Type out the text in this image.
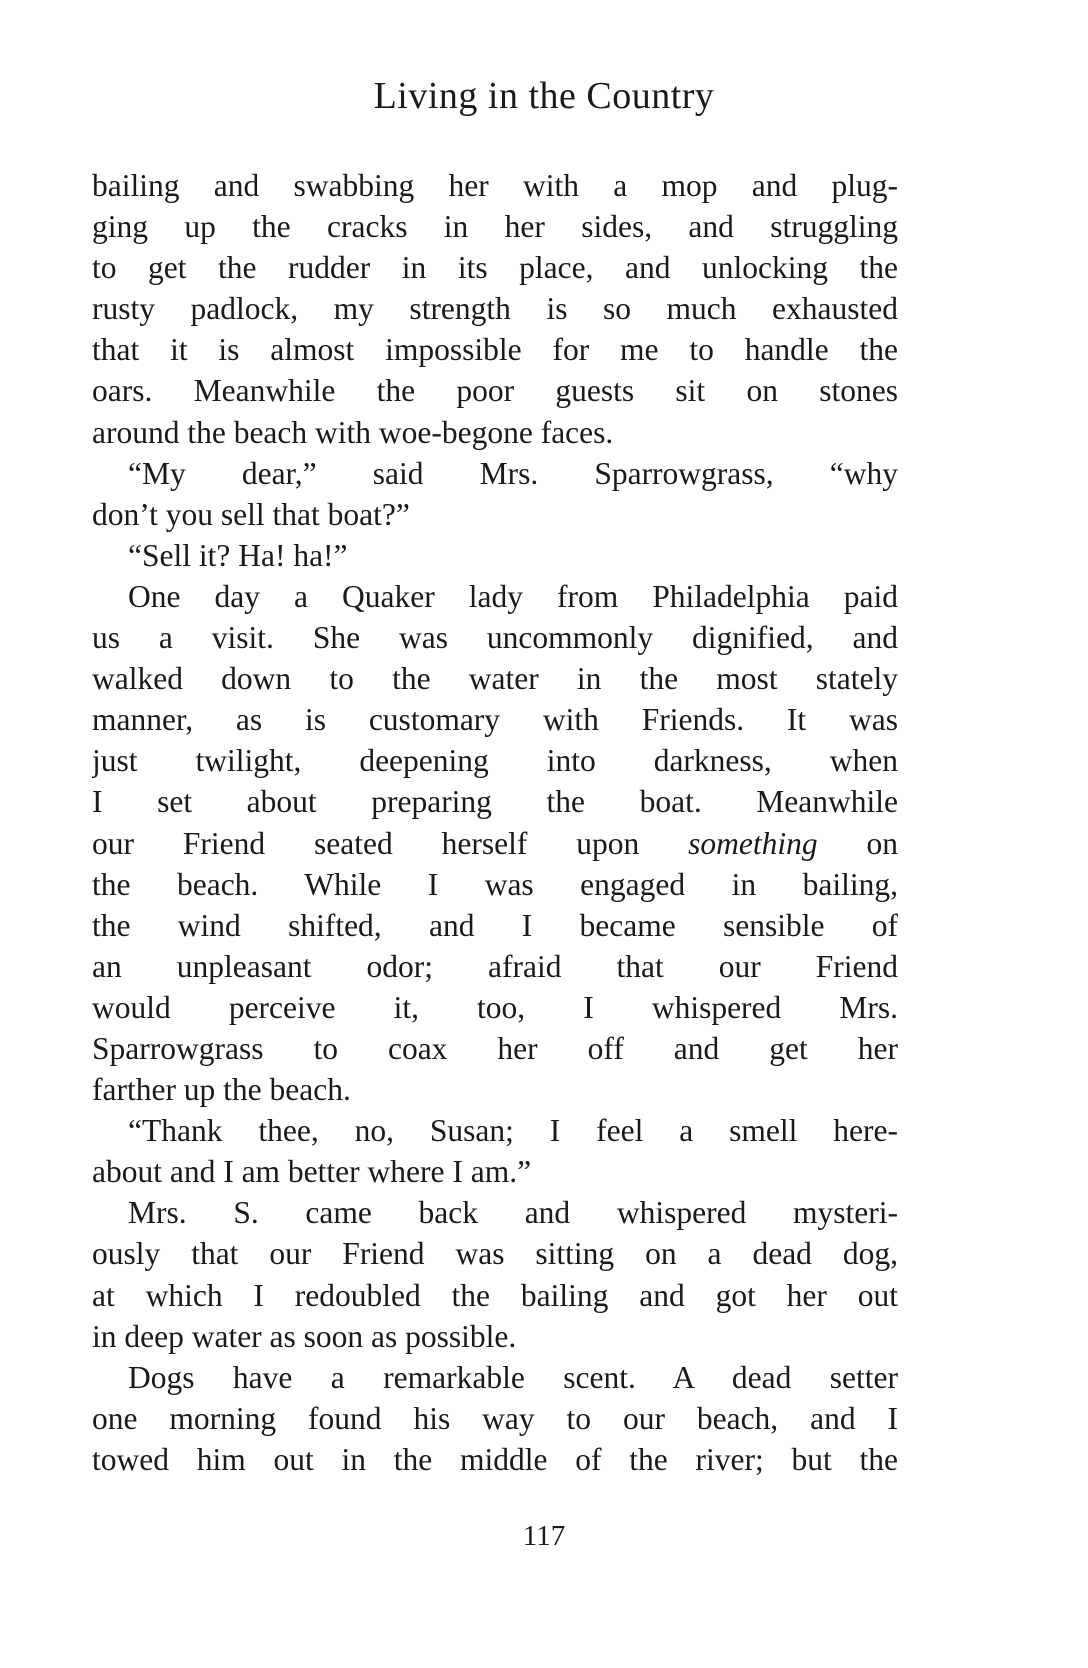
Living in the Country
bailing and swabbing her with a mop and plug-
ging up the cracks in her sides, and struggling
to get the rudder in its place, and unlocking the
rusty padlock, my strength is so much exhausted
that it is almost impossible for me to handle the
oars. Meanwhile the poor guests sit on stones
around the beach with woe-begone faces.
“My dear,” said Mrs. Sparrowgrass, “why
don’t you sell that boat?”
“Sell it? Ha! ha!”
One day a Quaker lady from Philadelphia paid
us a visit. She was uncommonly dignified, and
walked down to the water in the most stately
manner, as is customary with Friends. It was
just twilight, deepening into darkness, when
I set about preparing the boat. Meanwhile
our Friend seated herself upon something on
the beach. While I was engaged in bailing,
the wind shifted, and I became sensible of
an unpleasant odor; afraid that our Friend
would perceive it, too, I whispered Mrs.
Sparrowgrass to coax her off and get her
farther up the beach.
“Thank thee, no, Susan; I feel a smell here-
about and I am better where I am.”
Mrs. S. came back and whispered mysteri-
ously that our Friend was sitting on a dead dog,
at which I redoubled the bailing and got her out
in deep water as soon as possible.
Dogs have a remarkable scent. A dead setter
one morning found his way to our beach, and I
towed him out in the middle of the river; but the
117
